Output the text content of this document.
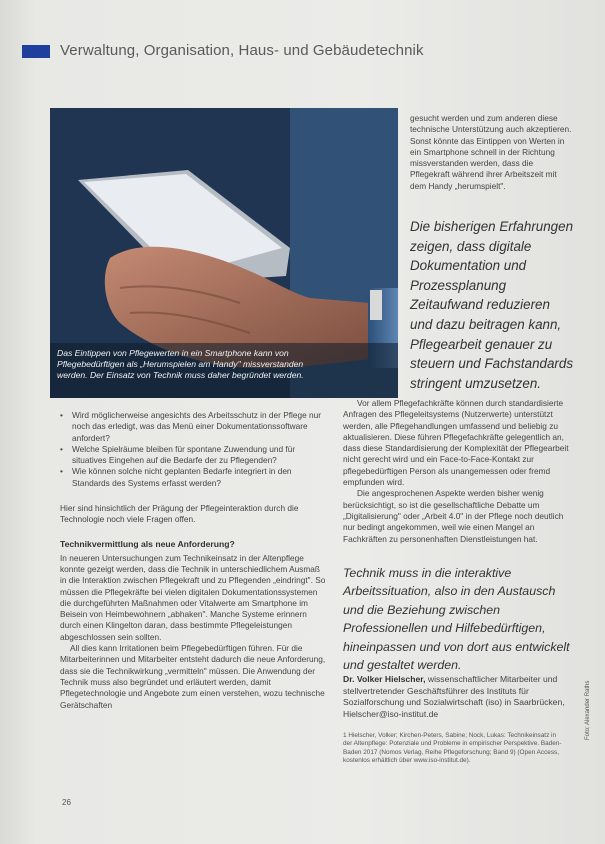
Verwaltung, Organisation, Haus- und Gebäudetechnik
Das Eintippen von Pflegewerten in ein Smartphone kann von Pflegebedürftigen als „Herumspielen am Handy" missverstanden werden. Der Einsatz von Technik muss daher begründet werden.
gesucht werden und zum anderen diese technische Unterstützung auch akzeptieren. Sonst könnte das Eintippen von Werten in ein Smartphone schnell in der Richtung missverstanden werden, dass die Pflegekraft während ihrer Arbeitszeit mit dem Handy „herumspielt".
Die bisherigen Erfahrungen zeigen, dass digitale Dokumentation und Prozessplanung Zeitaufwand reduzieren und dazu beitragen kann, Pflegearbeit genauer zu steuern und Fachstandards stringent umzusetzen.

Vor allem Pflegefachkräfte können durch standardisierte Anfragen des Pflegeleitsystems (Nutzerwerte) unterstützt werden, alle Pflegehandlungen umfassend und beliebig zu aktualisieren. Diese führen Pflegefachkräfte gelegentlich an, dass diese Standardisierung der Komplexität der Pflegearbeit nicht gerecht wird und ein Face-to-Face-Kontakt zur pflegebedürftigen Person als unangemessen oder fremd empfunden wird.

Die angesprochenen Aspekte werden bisher wenig berücksichtigt, so ist die gesellschaftliche Debatte um „Digitalisierung" oder „Arbeit 4.0" in der Pflege noch deutlich nur bedingt angekommen, weil wie einen Mangel an Fachkräften zu personenhaften Dienstleistungen hat.

• Wird möglicherweise angesichts des Arbeitsschutz in der Pflege nur noch das erledigt, was das Menü einer Dokumentationssoftware anfordert?
• Welche Spielräume bleiben für spontane Zuwendung und für situatives Eingehen auf die Bedarfe der zu Pflegenden?
• Wie können solche nicht geplanten Bedarfe integriert in den Standards des Systems erfasst werden?

Hier sind hinsichtlich der Prägung der Pflegeinteraktion durch die Technologie noch viele Fragen offen.

Technikvermittlung als neue Anforderung?

In neueren Untersuchungen zum Technikeinsatz in der Altenpflege konnte gezeigt werden, dass die Technik in unterschiedlichem Ausmaß in die Interaktion zwischen Pflegekraft und zu Pflegenden „eindringt". So müssen die Pflegekräfte bei vielen digitalen Dokumentationssystemen die durchgeführten Maßnahmen oder Vitalwerte am Smartphone im Beisein von Heimbewohnern „abhaken". Manche Systeme erinnern durch einen Klingelton daran, dass bestimmte Pflegeleistungen abgeschlossen sein sollten.

All dies kann Irritationen beim Pflegebedürftigen führen. Für die Mitarbeiterinnen und Mitarbeiter entsteht dadurch die neue Anforderung, dass sie die Technikwirkung „vermitteln" müssen. Die Anwendung der Technik muss also begründet und erläutert werden, damit Pflegetechnologie und Angebote zum einen verstehen, wozu technische Gerätschaften

Technik muss in die interaktive Arbeitssituation, also in den Austausch und die Beziehung zwischen Professionellen und Hilfebedürftigen, hineinpassen und von dort aus entwickelt und gestaltet werden.
Dr. Volker Hielscher, wissenschaftlicher Mitarbeiter und stellvertretender Geschäftsführer des Instituts für Sozialforschung und Sozialwirtschaft (iso) in Saarbrücken, Hielscher@iso-institut.de
1 Hielscher, Volker; Kirchen-Peters, Sabine; Nock, Lukas: Technikeinsatz in der Altenpflege: Potenziale und Probleme in empirischer Perspektive. Baden-Baden 2017 (Nomos Verlag, Reihe Pflegeforschung; Band 9) (Open Access, kostenlos erhältlich über www.iso-institut.de).
Foto: Alexander Raths
26
